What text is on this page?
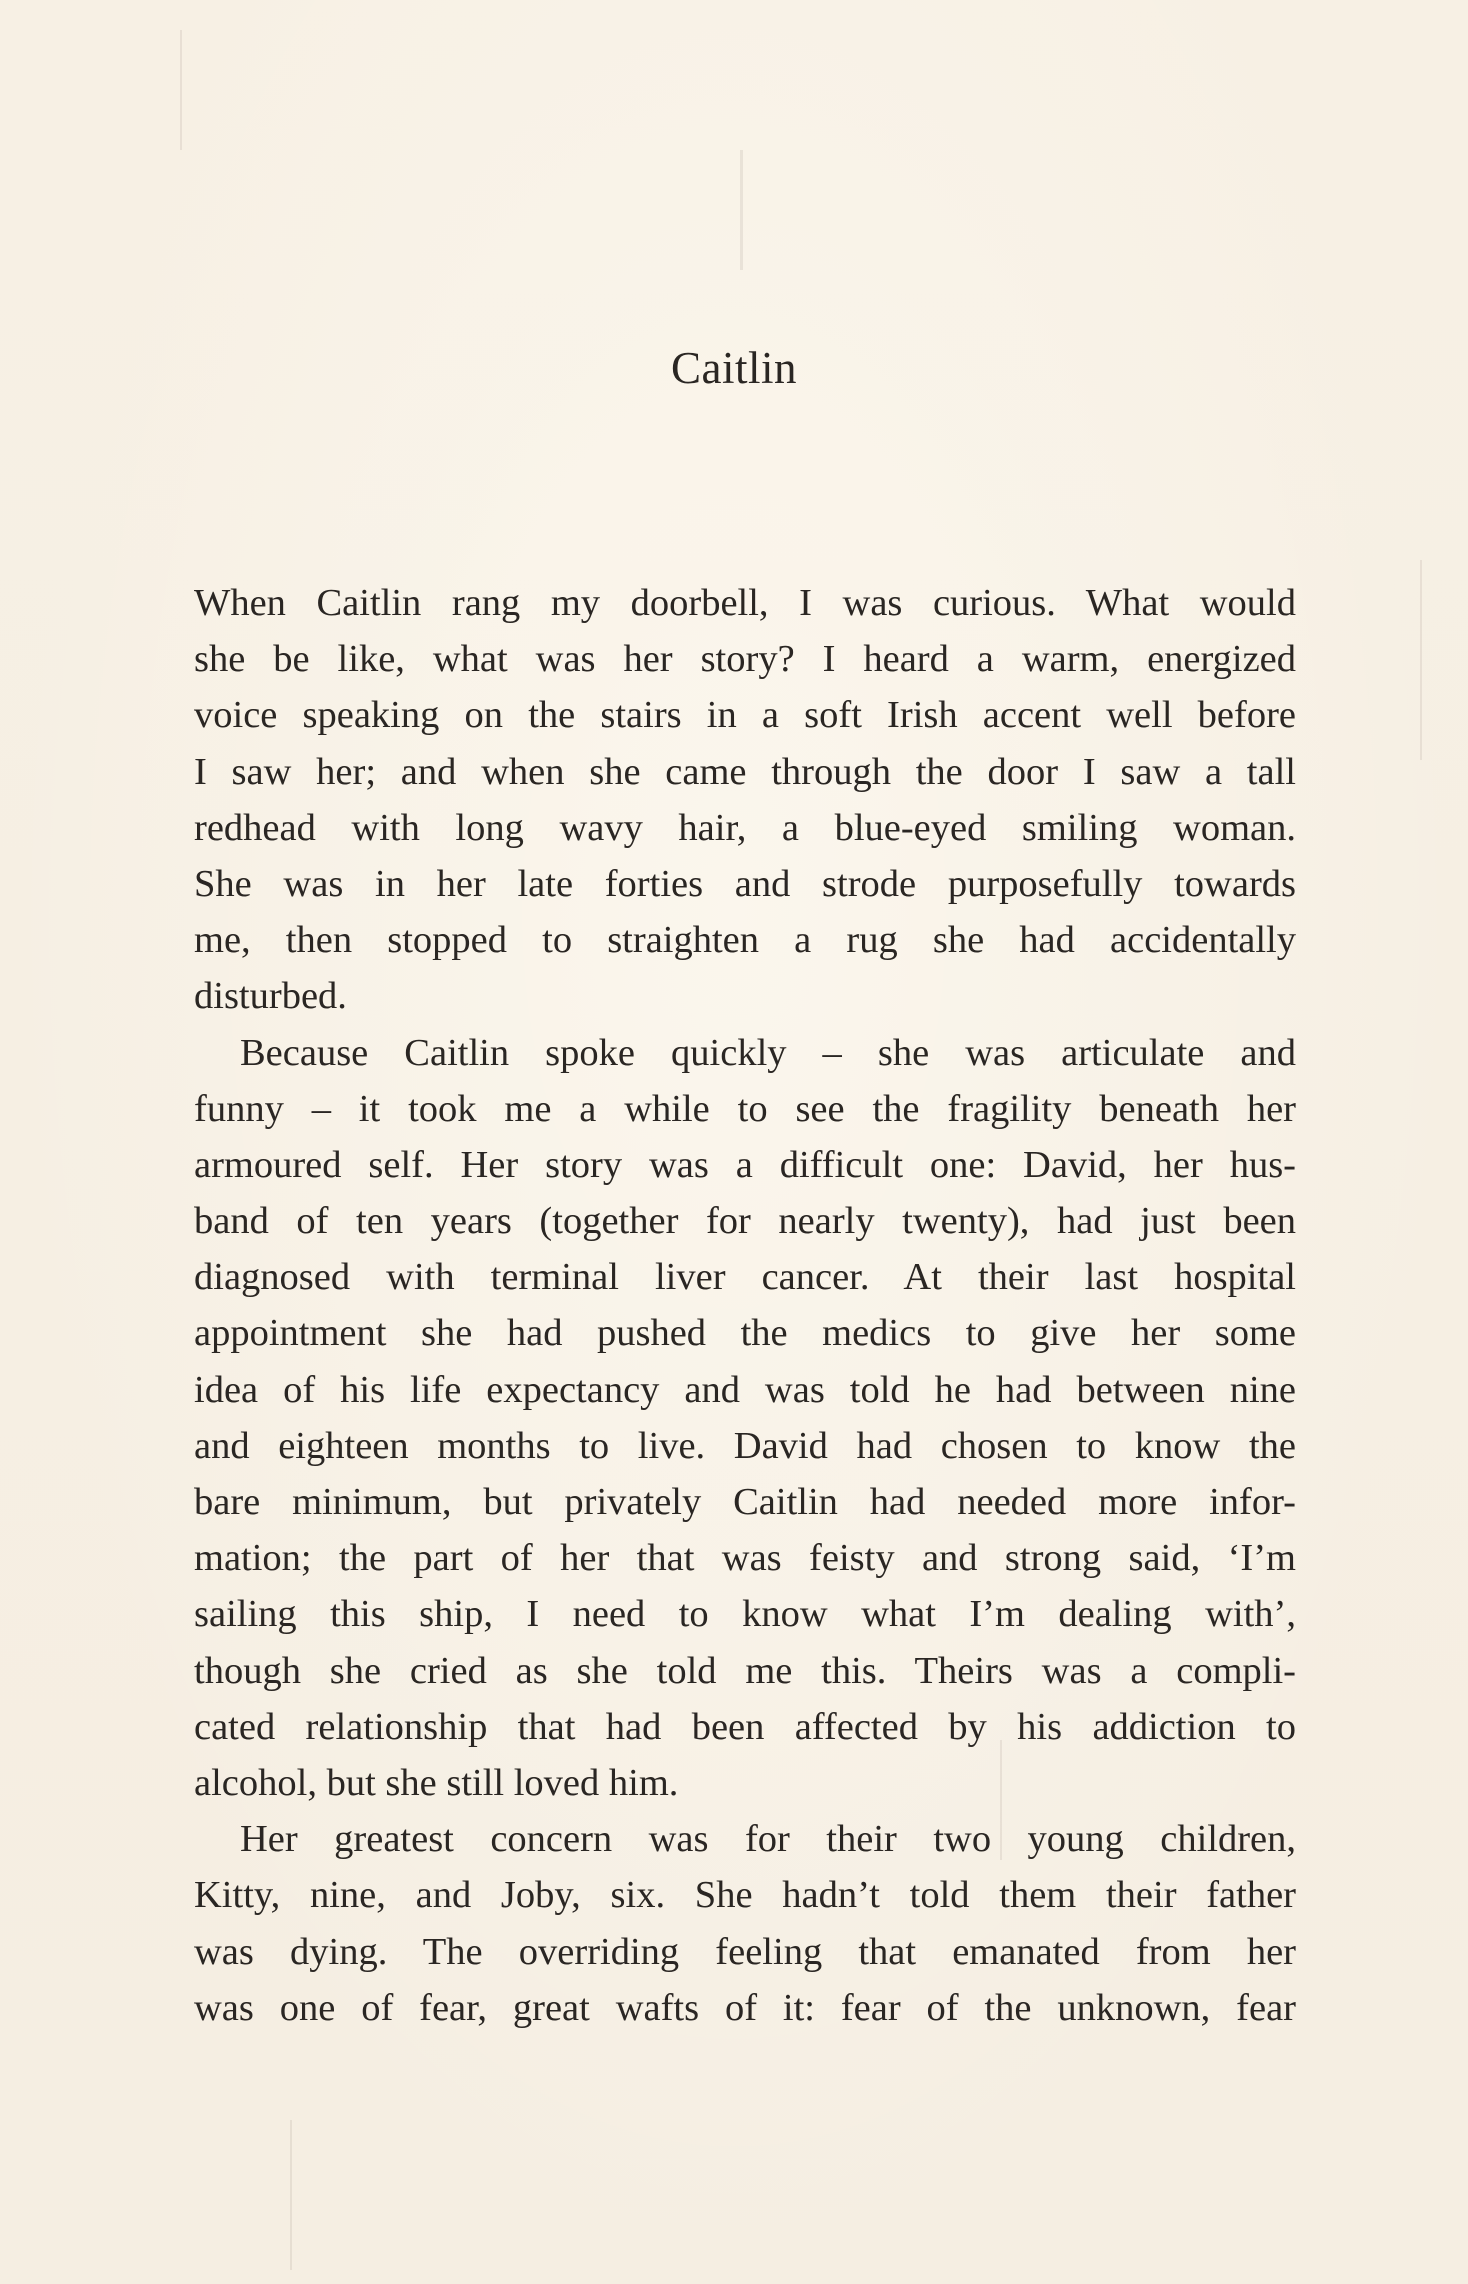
Caitlin
When Caitlin rang my doorbell, I was curious. What would
she be like, what was her story? I heard a warm, energized
voice speaking on the stairs in a soft Irish accent well before
I saw her; and when she came through the door I saw a tall
redhead with long wavy hair, a blue-eyed smiling woman.
She was in her late forties and strode purposefully towards
me, then stopped to straighten a rug she had accidentally
disturbed.
Because Caitlin spoke quickly – she was articulate and
funny – it took me a while to see the fragility beneath her
armoured self. Her story was a difficult one: David, her hus-
band of ten years (together for nearly twenty), had just been
diagnosed with terminal liver cancer. At their last hospital
appointment she had pushed the medics to give her some
idea of his life expectancy and was told he had between nine
and eighteen months to live. David had chosen to know the
bare minimum, but privately Caitlin had needed more infor-
mation; the part of her that was feisty and strong said, ‘I’m
sailing this ship, I need to know what I’m dealing with’,
though she cried as she told me this. Theirs was a compli-
cated relationship that had been affected by his addiction to
alcohol, but she still loved him.
Her greatest concern was for their two young children,
Kitty, nine, and Joby, six. She hadn’t told them their father
was dying. The overriding feeling that emanated from her
was one of fear, great wafts of it: fear of the unknown, fear
